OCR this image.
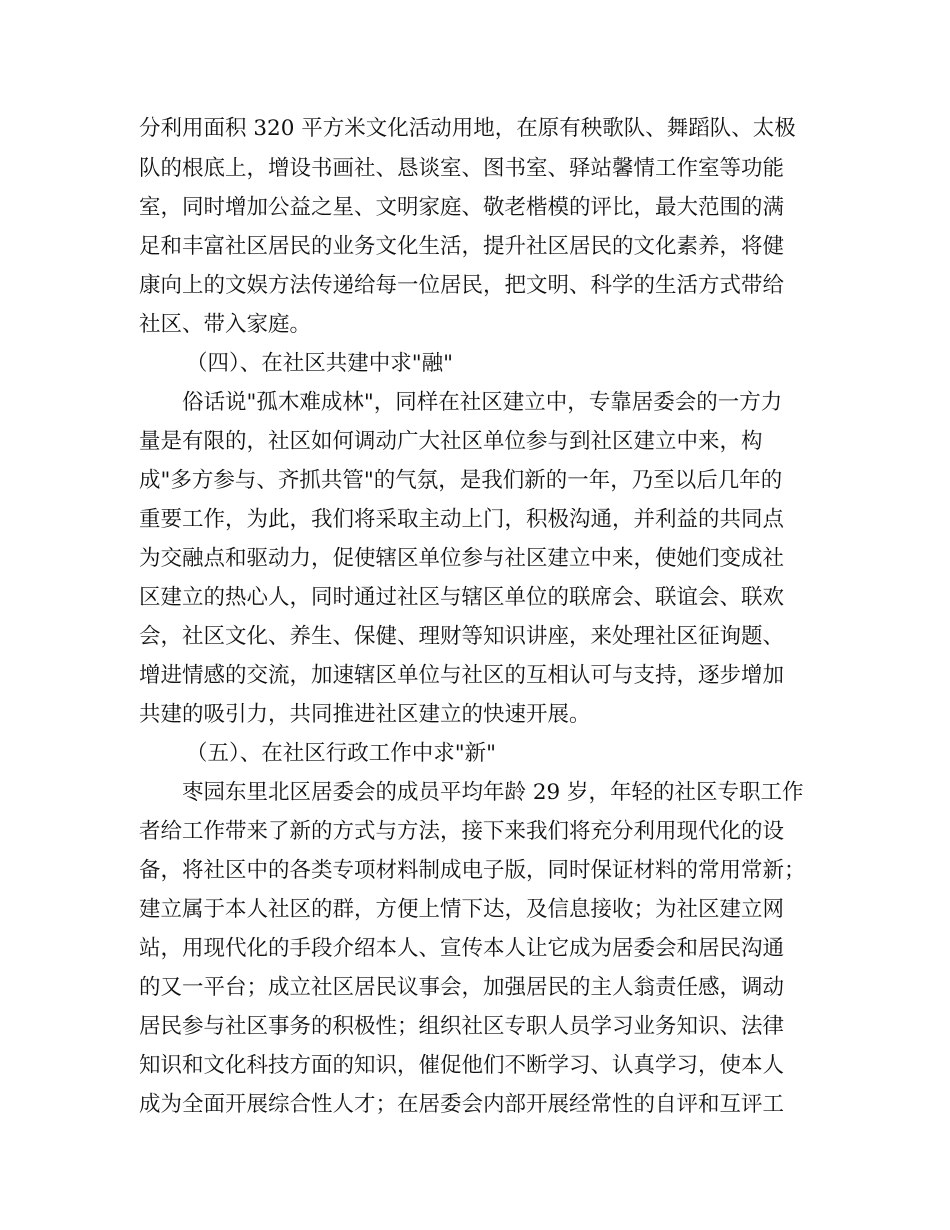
分利用面积 320 平方米文化活动用地，在原有秧歌队、舞蹈队、太极
队的根底上，增设书画社、恳谈室、图书室、驿站馨情工作室等功能
室，同时增加公益之星、文明家庭、敬老楷模的评比，最大范围的满
足和丰富社区居民的业务文化生活，提升社区居民的文化素养，将健
康向上的文娱方法传递给每一位居民，把文明、科学的生活方式带给
社区、带入家庭。
（四）、在社区共建中求"融"
俗话说"孤木难成林"，同样在社区建立中，专靠居委会的一方力
量是有限的，社区如何调动广大社区单位参与到社区建立中来，构
成"多方参与、齐抓共管"的气氛，是我们新的一年，乃至以后几年的
重要工作，为此，我们将采取主动上门，积极沟通，并利益的共同点
为交融点和驱动力，促使辖区单位参与社区建立中来，使她们变成社
区建立的热心人，同时通过社区与辖区单位的联席会、联谊会、联欢
会，社区文化、养生、保健、理财等知识讲座，来处理社区征询题、
增进情感的交流，加速辖区单位与社区的互相认可与支持，逐步增加
共建的吸引力，共同推进社区建立的快速开展。
（五）、在社区行政工作中求"新"
枣园东里北区居委会的成员平均年龄 29 岁，年轻的社区专职工作
者给工作带来了新的方式与方法，接下来我们将充分利用现代化的设
备，将社区中的各类专项材料制成电子版，同时保证材料的常用常新；
建立属于本人社区的群，方便上情下达，及信息接收；为社区建立网
站，用现代化的手段介绍本人、宣传本人让它成为居委会和居民沟通
的又一平台；成立社区居民议事会，加强居民的主人翁责任感，调动
居民参与社区事务的积极性；组织社区专职人员学习业务知识、法律
知识和文化科技方面的知识，催促他们不断学习、认真学习，使本人
成为全面开展综合性人才；在居委会内部开展经常性的自评和互评工
